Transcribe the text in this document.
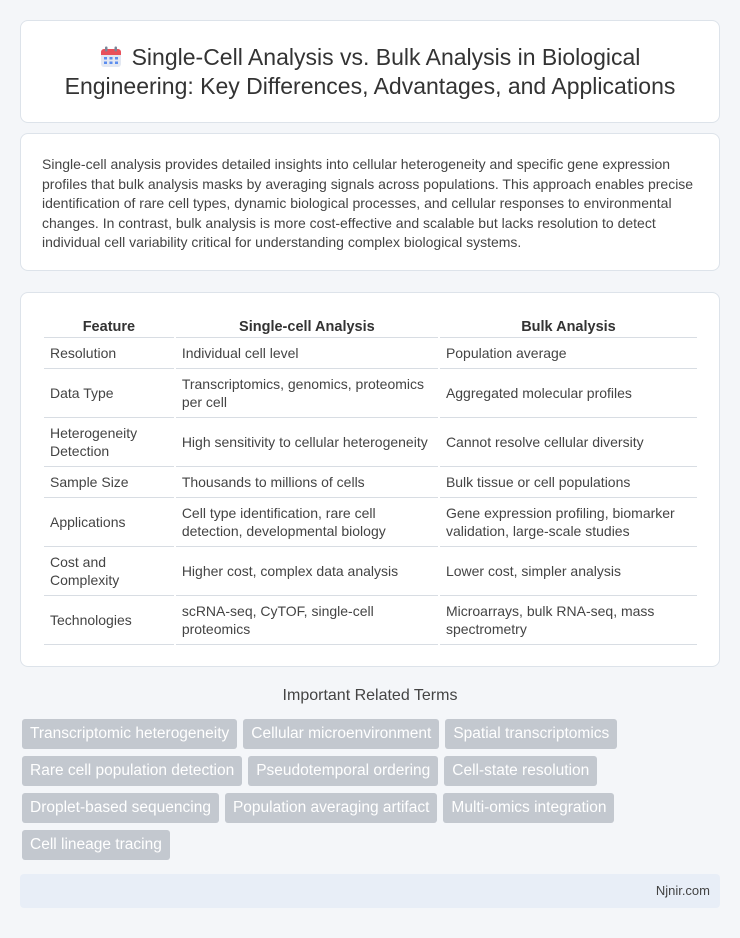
Single-Cell Analysis vs. Bulk Analysis in Biological
Engineering: Key Differences, Advantages, and Applications

Single-cell analysis provides detailed insights into cellular heterogeneity and specific gene expression profiles that bulk analysis masks by averaging signals across populations. This approach enables precise identification of rare cell types, dynamic biological processes, and cellular responses to environmental changes. In contrast, bulk analysis is more cost-effective and scalable but lacks resolution to detect individual cell variability critical for understanding complex biological systems.

Feature	Single-cell Analysis	Bulk Analysis
Resolution	Individual cell level	Population average
Data Type	Transcriptomics, genomics, proteomics per cell	Aggregated molecular profiles
Heterogeneity Detection	High sensitivity to cellular heterogeneity	Cannot resolve cellular diversity
Sample Size	Thousands to millions of cells	Bulk tissue or cell populations
Applications	Cell type identification, rare cell detection, developmental biology	Gene expression profiling, biomarker validation, large-scale studies
Cost and Complexity	Higher cost, complex data analysis	Lower cost, simpler analysis
Technologies	scRNA-seq, CyTOF, single-cell proteomics	Microarrays, bulk RNA-seq, mass spectrometry
Important Related Terms
Transcriptomic heterogeneity	Cellular microenvironment	Spatial transcriptomics
Rare cell population detection	Pseudotemporal ordering	Cell-state resolution
Droplet-based sequencing	Population averaging artifact	Multi-omics integration
Cell lineage tracing
Njnir.com
